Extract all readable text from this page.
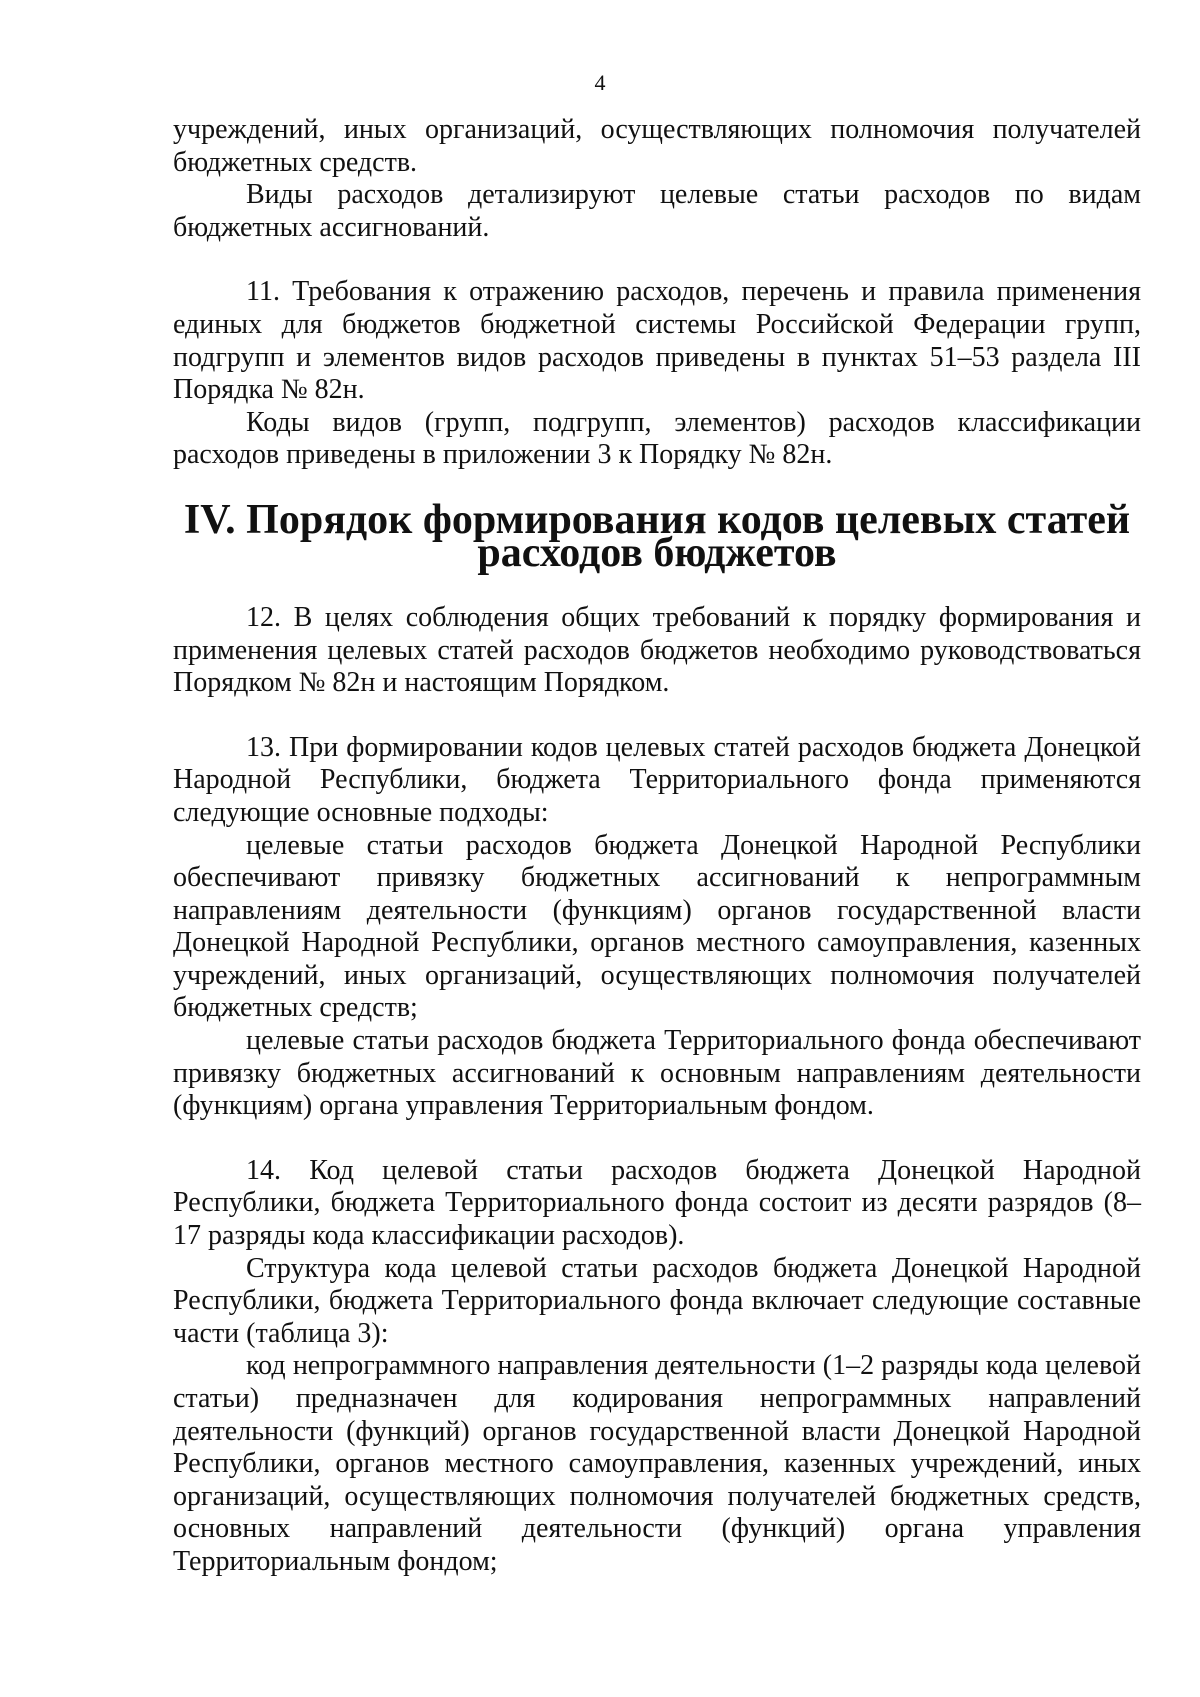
4

учреждений, иных организаций, осуществляющих полномочия получателей бюджетных средств.

Виды расходов детализируют целевые статьи расходов по видам бюджетных ассигнований.

11. Требования к отражению расходов, перечень и правила применения единых для бюджетов бюджетной системы Российской Федерации групп, подгрупп и элементов видов расходов приведены в пунктах 51–53 раздела III Порядка № 82н.

Коды видов (групп, подгрупп, элементов) расходов классификации расходов приведены в приложении 3 к Порядку № 82н.

IV. Порядок формирования кодов целевых статей
расходов бюджетов

12. В целях соблюдения общих требований к порядку формирования и применения целевых статей расходов бюджетов необходимо руководствоваться Порядком № 82н и настоящим Порядком.

13. При формировании кодов целевых статей расходов бюджета Донецкой Народной Республики, бюджета Территориального фонда применяются следующие основные подходы:

целевые статьи расходов бюджета Донецкой Народной Республики обеспечивают привязку бюджетных ассигнований к непрограммным направлениям деятельности (функциям) органов государственной власти Донецкой Народной Республики, органов местного самоуправления, казенных учреждений, иных организаций, осуществляющих полномочия получателей бюджетных средств;

целевые статьи расходов бюджета Территориального фонда обеспечивают привязку бюджетных ассигнований к основным направлениям деятельности (функциям) органа управления Территориальным фондом.

14. Код целевой статьи расходов бюджета Донецкой Народной Республики, бюджета Территориального фонда состоит из десяти разрядов (8–17 разряды кода классификации расходов).

Структура кода целевой статьи расходов бюджета Донецкой Народной Республики, бюджета Территориального фонда включает следующие составные части (таблица 3):

код непрограммного направления деятельности (1–2 разряды кода целевой статьи) предназначен для кодирования непрограммных направлений деятельности (функций) органов государственной власти Донецкой Народной Республики, органов местного самоуправления, казенных учреждений, иных организаций, осуществляющих полномочия получателей бюджетных средств, основных направлений деятельности (функций) органа управления Территориальным фондом;
